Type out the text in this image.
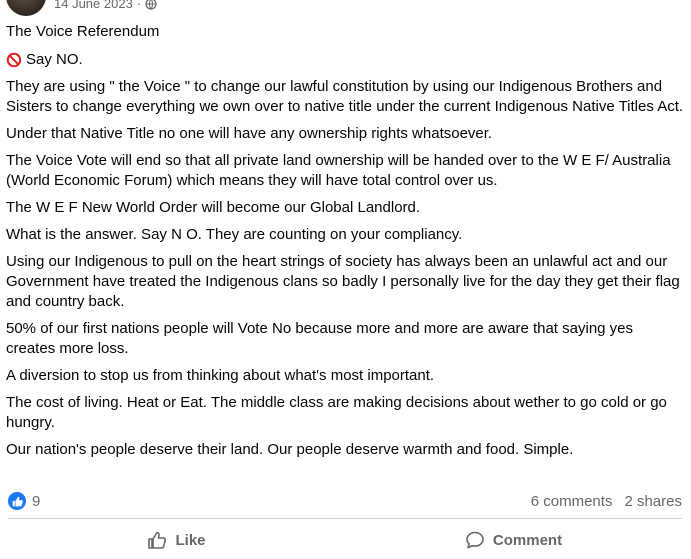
14 June 2023 ·

The Voice Referendum

Say NO.

They are using " the Voice " to change our lawful constitution by using our Indigenous Brothers and Sisters to change everything we own over to native title under the current Indigenous Native Titles Act.

Under that Native Title no one will have any ownership rights whatsoever.

The Voice Vote will end so that all private land ownership will be handed over to the W E F/ Australia (World Economic Forum) which means they will have total control over us.

The W E F New World Order will become our Global Landlord.

What is the answer. Say N O. They are counting on your compliancy.

Using our Indigenous to pull on the heart strings of society has always been an unlawful act and our Government have treated the Indigenous clans so badly I personally live for the day they get their flag and country back.

50% of our first nations people will Vote No because more and more are aware that saying yes creates more loss.

A diversion to stop us from thinking about what's most important.

The cost of living. Heat or Eat. The middle class are making decisions about wether to go cold or go hungry.

Our nation's people deserve their land. Our people deserve warmth and food. Simple.

9	6 comments 2 shares
Like	Comment
